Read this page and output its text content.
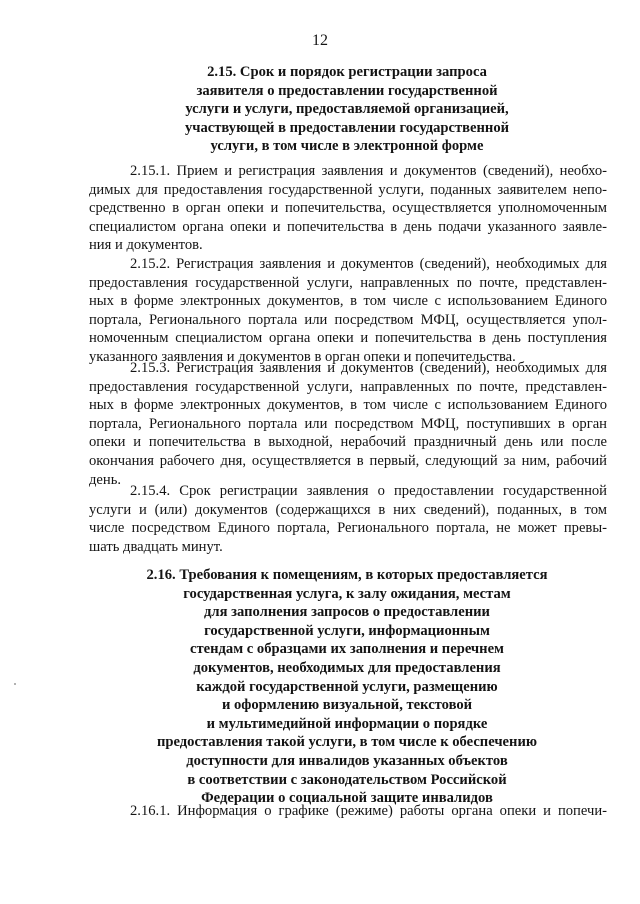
12
2.15. Срок и порядок регистрации запроса
заявителя о предоставлении государственной
услуги и услуги, предоставляемой организацией,
участвующей в предоставлении государственной
услуги, в том числе в электронной форме
2.15.1. Прием и регистрация заявления и документов (сведений), необхо-
димых для предоставления государственной услуги, поданных заявителем непо-
средственно в орган опеки и попечительства, осуществляется уполномоченным
специалистом органа опеки и попечительства в день подачи указанного заявле-
ния и документов.
2.15.2. Регистрация заявления и документов (сведений), необходимых для
предоставления государственной услуги, направленных по почте, представлен-
ных в форме электронных документов, в том числе с использованием Единого
портала, Регионального портала или посредством МФЦ, осуществляется упол-
номоченным специалистом органа опеки и попечительства в день поступления
указанного заявления и документов в орган опеки и попечительства.
2.15.3. Регистрация заявления и документов (сведений), необходимых для
предоставления государственной услуги, направленных по почте, представлен-
ных в форме электронных документов, в том числе с использованием Единого
портала, Регионального портала или посредством МФЦ, поступивших в орган
опеки и попечительства в выходной, нерабочий праздничный день или после
окончания рабочего дня, осуществляется в первый, следующий за ним, рабочий
день.
2.15.4. Срок регистрации заявления о предоставлении государственной
услуги и (или) документов (содержащихся в них сведений), поданных, в том
числе посредством Единого портала, Регионального портала, не может превы-
шать двадцать минут.
2.16. Требования к помещениям, в которых предоставляется
государственная услуга, к залу ожидания, местам
для заполнения запросов о предоставлении
государственной услуги, информационным
стендам с образцами их заполнения и перечнем
документов, необходимых для предоставления
каждой государственной услуги, размещению
и оформлению визуальной, текстовой
и мультимедийной информации о порядке
предоставления такой услуги, в том числе к обеспечению
доступности для инвалидов указанных объектов
в соответствии с законодательством Российской
Федерации о социальной защите инвалидов
2.16.1. Информация о графике (режиме) работы органа опеки и попечи-
